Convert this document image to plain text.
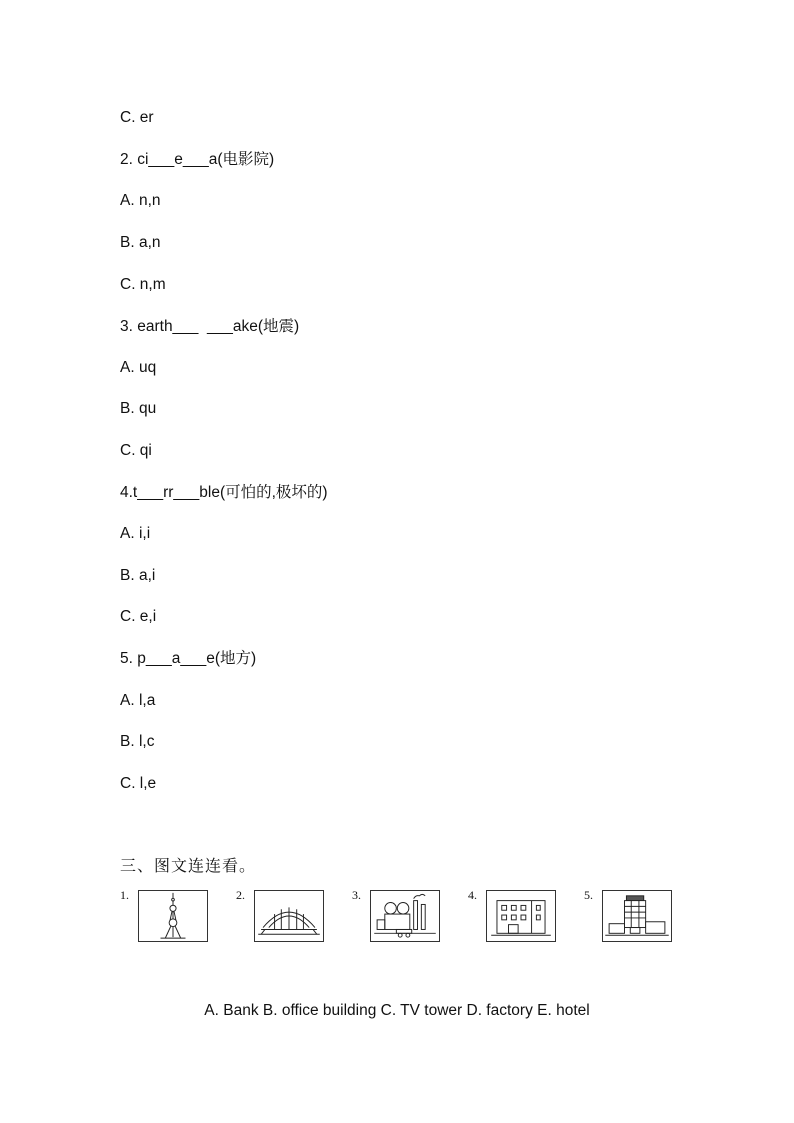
C. er
2. ci___e___a(电影院)
A. n,n
B. a,n
C. n,m
3. earth___  ___ake(地震)
A. uq
B. qu
C. qi
4.t___rr___ble(可怕的,极坏的)
A. i,i
B. a,i
C. e,i
5. p___a___e(地方)
A. l,a
B. l,c
C. l,e
三、图文连连看。
1.	2.	3.	4.	5.
A. Bank B. office building C. TV tower D. factory E. hotel
